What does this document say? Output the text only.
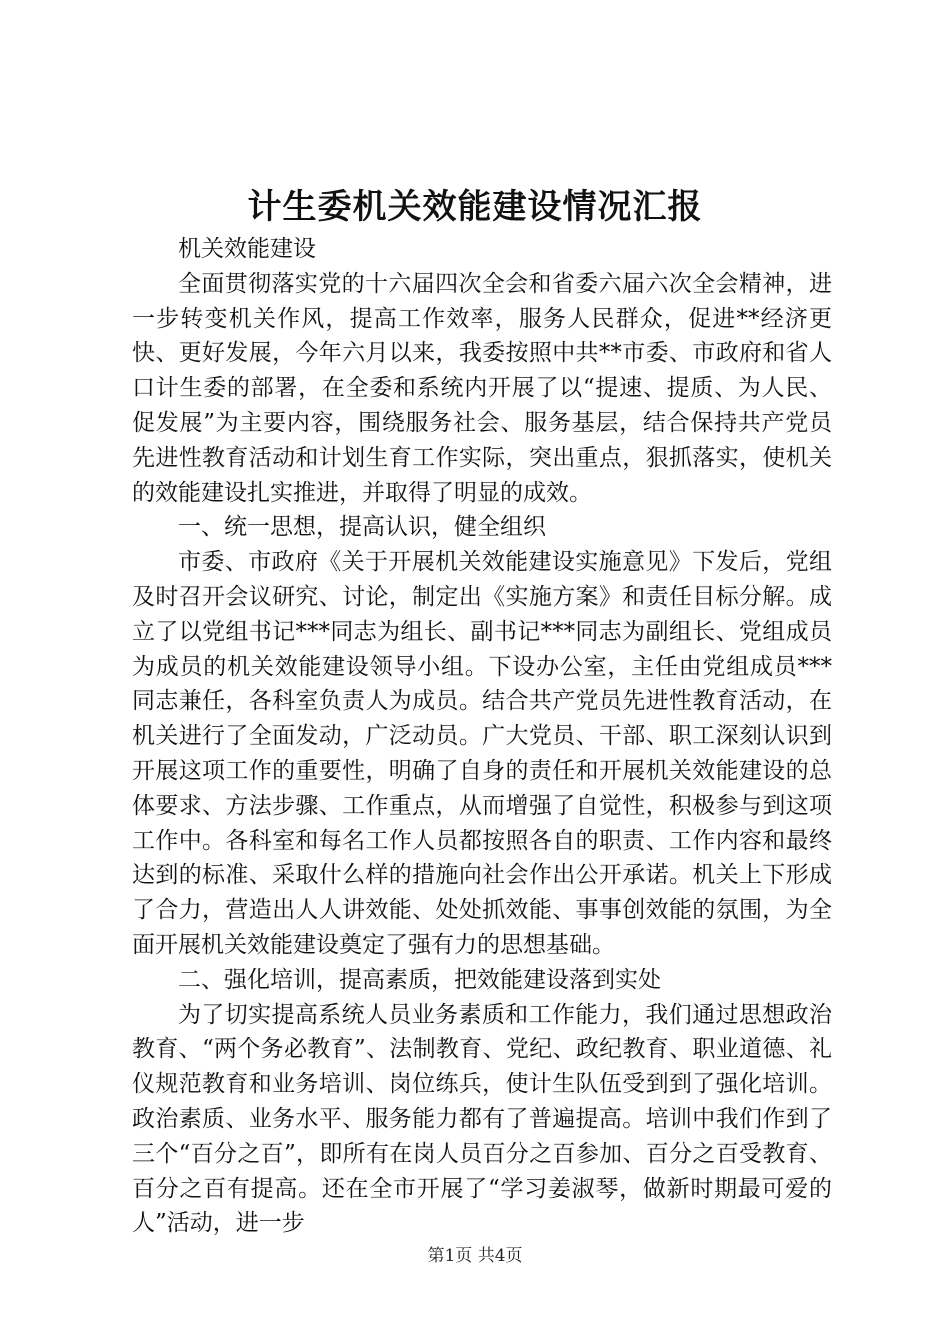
计生委机关效能建设情况汇报

机关效能建设

全面贯彻落实党的十六届四次全会和省委六届六次全会精神，进一步转变机关作风，提高工作效率，服务人民群众，促进**经济更快、更好发展，今年六月以来，我委按照中共**市委、市政府和省人口计生委的部署，在全委和系统内开展了以“提速、提质、为人民、促发展”为主要内容，围绕服务社会、服务基层，结合保持共产党员先进性教育活动和计划生育工作实际，突出重点，狠抓落实，使机关的效能建设扎实推进，并取得了明显的成效。

一、统一思想，提高认识，健全组织

市委、市政府《关于开展机关效能建设实施意见》下发后，党组及时召开会议研究、讨论，制定出《实施方案》和责任目标分解。成立了以党组书记***同志为组长、副书记***同志为副组长、党组成员为成员的机关效能建设领导小组。下设办公室，主任由党组成员***同志兼任，各科室负责人为成员。结合共产党员先进性教育活动，在机关进行了全面发动，广泛动员。广大党员、干部、职工深刻认识到开展这项工作的重要性，明确了自身的责任和开展机关效能建设的总体要求、方法步骤、工作重点，从而增强了自觉性，积极参与到这项工作中。各科室和每名工作人员都按照各自的职责、工作内容和最终达到的标准、采取什么样的措施向社会作出公开承诺。机关上下形成了合力，营造出人人讲效能、处处抓效能、事事创效能的氛围，为全面开展机关效能建设奠定了强有力的思想基础。

二、强化培训，提高素质，把效能建设落到实处

为了切实提高系统人员业务素质和工作能力，我们通过思想政治教育、“两个务必教育”、法制教育、党纪、政纪教育、职业道德、礼仪规范教育和业务培训、岗位练兵，使计生队伍受到到了强化培训。政治素质、业务水平、服务能力都有了普遍提高。培训中我们作到了三个“百分之百”，即所有在岗人员百分之百参加、百分之百受教育、百分之百有提高。还在全市开展了“学习姜淑琴，做新时期最可爱的人”活动，进一步

第1页 共4页
